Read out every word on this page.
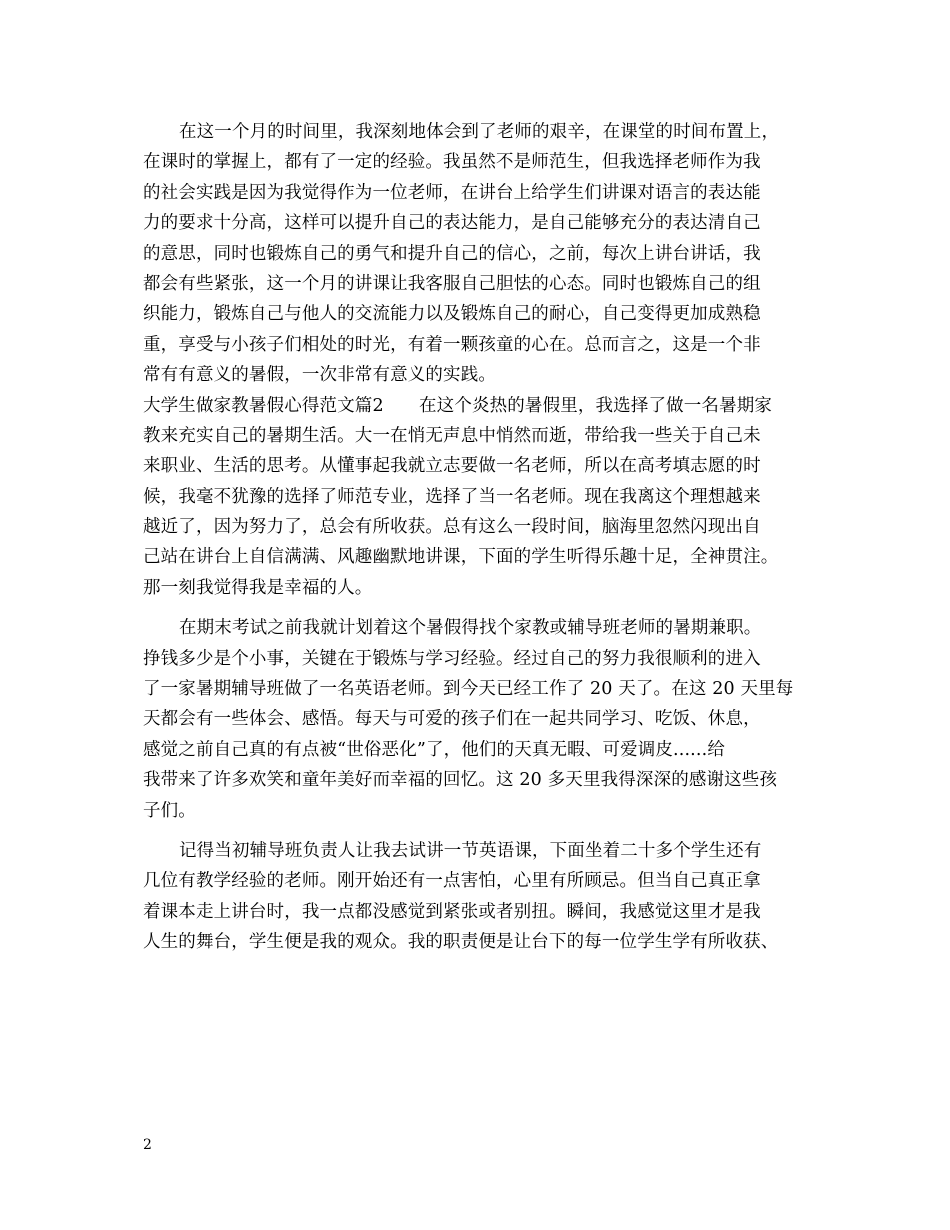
在这一个月的时间里，我深刻地体会到了老师的艰辛，在课堂的时间布置上，
在课时的掌握上，都有了一定的经验。我虽然不是师范生，但我选择老师作为我
的社会实践是因为我觉得作为一位老师，在讲台上给学生们讲课对语言的表达能
力的要求十分高，这样可以提升自己的表达能力，是自己能够充分的表达清自己
的意思，同时也锻炼自己的勇气和提升自己的信心，之前，每次上讲台讲话，我
都会有些紧张，这一个月的讲课让我客服自己胆怯的心态。同时也锻炼自己的组
织能力，锻炼自己与他人的交流能力以及锻炼自己的耐心，自己变得更加成熟稳
重，享受与小孩子们相处的时光，有着一颗孩童的心在。总而言之，这是一个非
常有有意义的暑假，一次非常有意义的实践。
大学生做家教暑假心得范文篇2　　在这个炎热的暑假里，我选择了做一名暑期家
教来充实自己的暑期生活。大一在悄无声息中悄然而逝，带给我一些关于自己未
来职业、生活的思考。从懂事起我就立志要做一名老师，所以在高考填志愿的时
候，我毫不犹豫的选择了师范专业，选择了当一名老师。现在我离这个理想越来
越近了，因为努力了，总会有所收获。总有这么一段时间，脑海里忽然闪现出自
己站在讲台上自信满满、风趣幽默地讲课，下面的学生听得乐趣十足，全神贯注。
那一刻我觉得我是幸福的人。
在期末考试之前我就计划着这个暑假得找个家教或辅导班老师的暑期兼职。
挣钱多少是个小事，关键在于锻炼与学习经验。经过自己的努力我很顺利的进入
了一家暑期辅导班做了一名英语老师。到今天已经工作了 20 天了。在这 20 天里每
天都会有一些体会、感悟。每天与可爱的孩子们在一起共同学习、吃饭、休息，
感觉之前自己真的有点被“世俗恶化”了，他们的天真无暇、可爱调皮......给
我带来了许多欢笑和童年美好而幸福的回忆。这 20 多天里我得深深的感谢这些孩
子们。
记得当初辅导班负责人让我去试讲一节英语课，下面坐着二十多个学生还有
几位有教学经验的老师。刚开始还有一点害怕，心里有所顾忌。但当自己真正拿
着课本走上讲台时，我一点都没感觉到紧张或者别扭。瞬间，我感觉这里才是我
人生的舞台，学生便是我的观众。我的职责便是让台下的每一位学生学有所收获、
2
